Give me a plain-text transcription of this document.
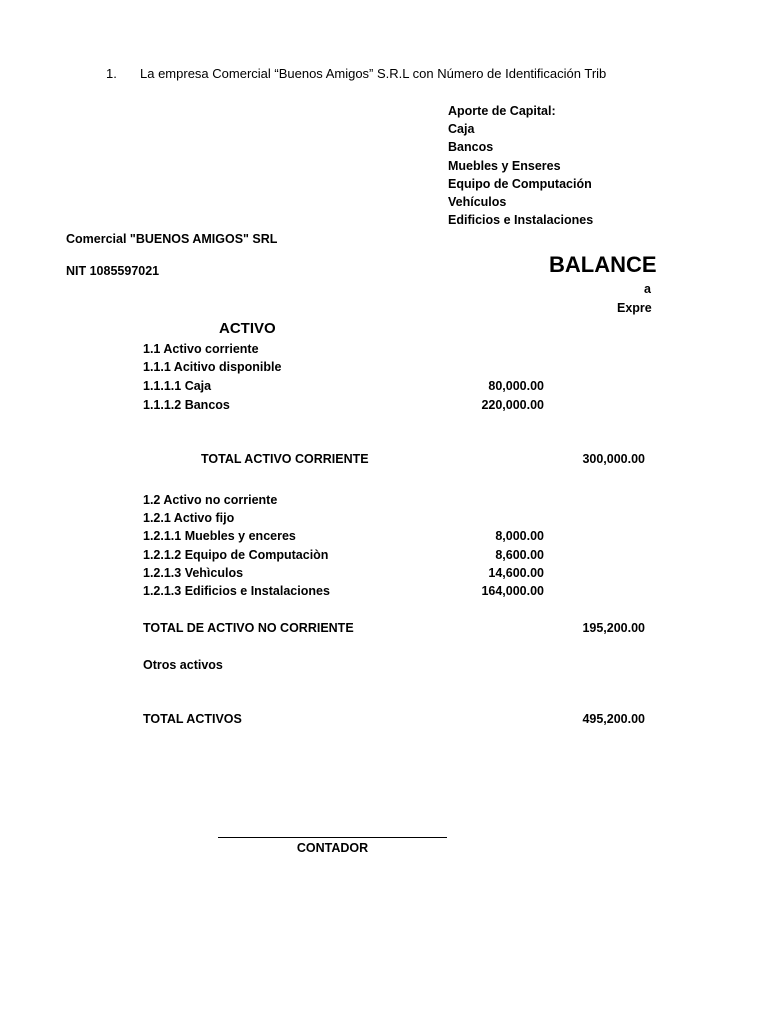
1. La empresa Comercial “Buenos Amigos” S.R.L con Número de Identificación Trib
Aporte de Capital:
Caja
Bancos
Muebles y Enseres
Equipo de Computación
Vehículos
Edificios e Instalaciones
Comercial "BUENOS AMIGOS" SRL
NIT 1085597021	BALANCE
a
Expre
ACTIVO
1.1 Activo corriente
1.1.1 Acitivo disponible
1.1.1.1 Caja	80,000.00
1.1.1.2 Bancos	220,000.00
TOTAL ACTIVO CORRIENTE	300,000.00
1.2 Activo no corriente
1.2.1 Activo fijo
1.2.1.1 Muebles y enceres	8,000.00
1.2.1.2 Equipo de Computaciòn	8,600.00
1.2.1.3 Vehìculos	14,600.00
1.2.1.3 Edificios e Instalaciones	164,000.00
TOTAL DE ACTIVO NO CORRIENTE	195,200.00
Otros activos
TOTAL ACTIVOS	495,200.00
CONTADOR
